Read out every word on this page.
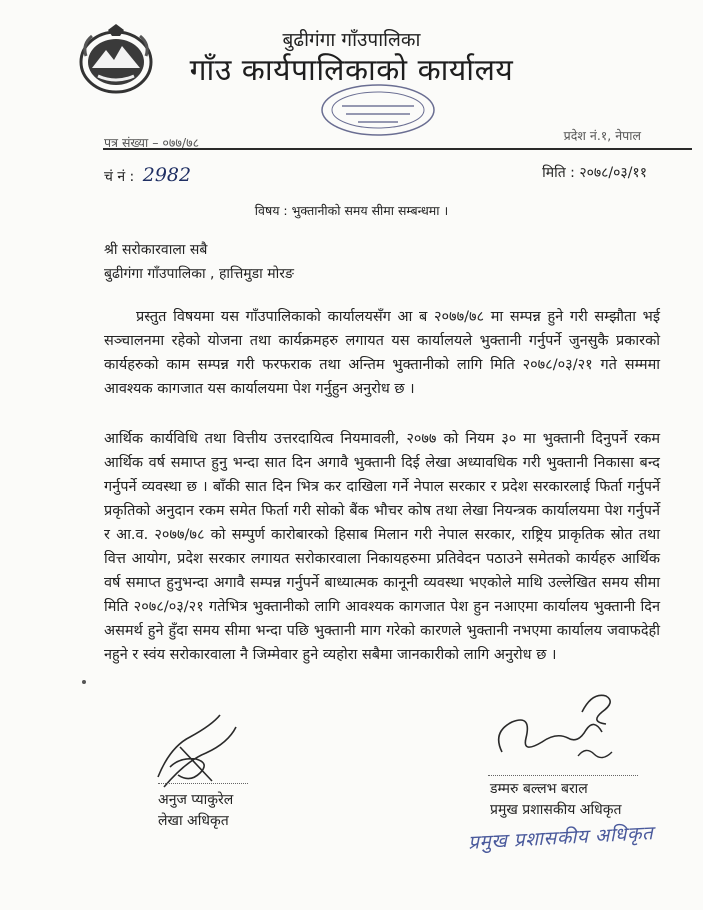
बुढीगंगा गाँउपालिका
गाँउ कार्यपालिकाको कार्यालय
पत्र संख्या – ०७७/७८	प्रदेश नं.१, नेपाल
चं नं : 2982	मिति : २०७८/०३/११
विषय : भुक्तानीको समय सीमा सम्बन्धमा ।
श्री सरोकारवाला सबै
बुढीगंगा गाँउपालिका , हात्तिमुडा मोरङ
प्रस्तुत विषयमा यस गाँउपालिकाको कार्यालयसँग आ ब २०७७/७८ मा सम्पन्न हुने गरी सम्झौता भई सञ्चालनमा रहेको योजना तथा कार्यक्रमहरु लगायत यस कार्यालयले भुक्तानी गर्नुपर्ने जुनसुकै प्रकारको कार्यहरुको काम सम्पन्न गरी फरफराक तथा अन्तिम भुक्तानीको लागि मिति २०७८/०३/२१ गते सम्ममा आवश्यक कागजात यस कार्यालयमा पेश गर्नुहुन अनुरोध छ ।
आर्थिक कार्यविधि तथा वित्तीय उत्तरदायित्व नियमावली, २०७७ को नियम ३० मा भुक्तानी दिनुपर्ने रकम आर्थिक वर्ष समाप्त हुनु भन्दा सात दिन अगावै भुक्तानी दिई लेखा अध्यावधिक गरी भुक्तानी निकासा बन्द गर्नुपर्ने व्यवस्था छ । बाँकी सात दिन भित्र कर दाखिला गर्ने नेपाल सरकार र प्रदेश सरकारलाई फिर्ता गर्नुपर्ने प्रकृतिको अनुदान रकम समेत फिर्ता गरी सोको बैंक भौचर कोष तथा लेखा नियन्त्रक कार्यालयमा पेश गर्नुपर्ने र आ.व. २०७७/७८ को सम्पुर्ण कारोबारको हिसाब मिलान गरी नेपाल सरकार, राष्ट्रिय प्राकृतिक स्रोत तथा वित्त आयोग, प्रदेश सरकार लगायत सरोकारवाला निकायहरुमा प्रतिवेदन पठाउने समेतको कार्यहरु आर्थिक वर्ष समाप्त हुनुभन्दा अगावै सम्पन्न गर्नुपर्ने बाध्यात्मक कानूनी व्यवस्था भएकोले माथि उल्लेखित समय सीमा मिति २०७८/०३/२१ गतेभित्र भुक्तानीको लागि आवश्यक कागजात पेश हुन नआएमा कार्यालय भुक्तानी दिन असमर्थ हुने हुँदा समय सीमा भन्दा पछि भुक्तानी माग गरेको कारणले भुक्तानी नभएमा कार्यालय जवाफदेही नहुने र स्वंय सरोकारवाला नै जिम्मेवार हुने व्यहोरा सबैमा जानकारीको लागि अनुरोध छ ।
अनुज प्याकुरेल
लेखा अधिकृत
डम्मरु बल्लभ बराल
प्रमुख प्रशासकीय अधिकृत
प्रमुख प्रशासकीय अधिकृत
